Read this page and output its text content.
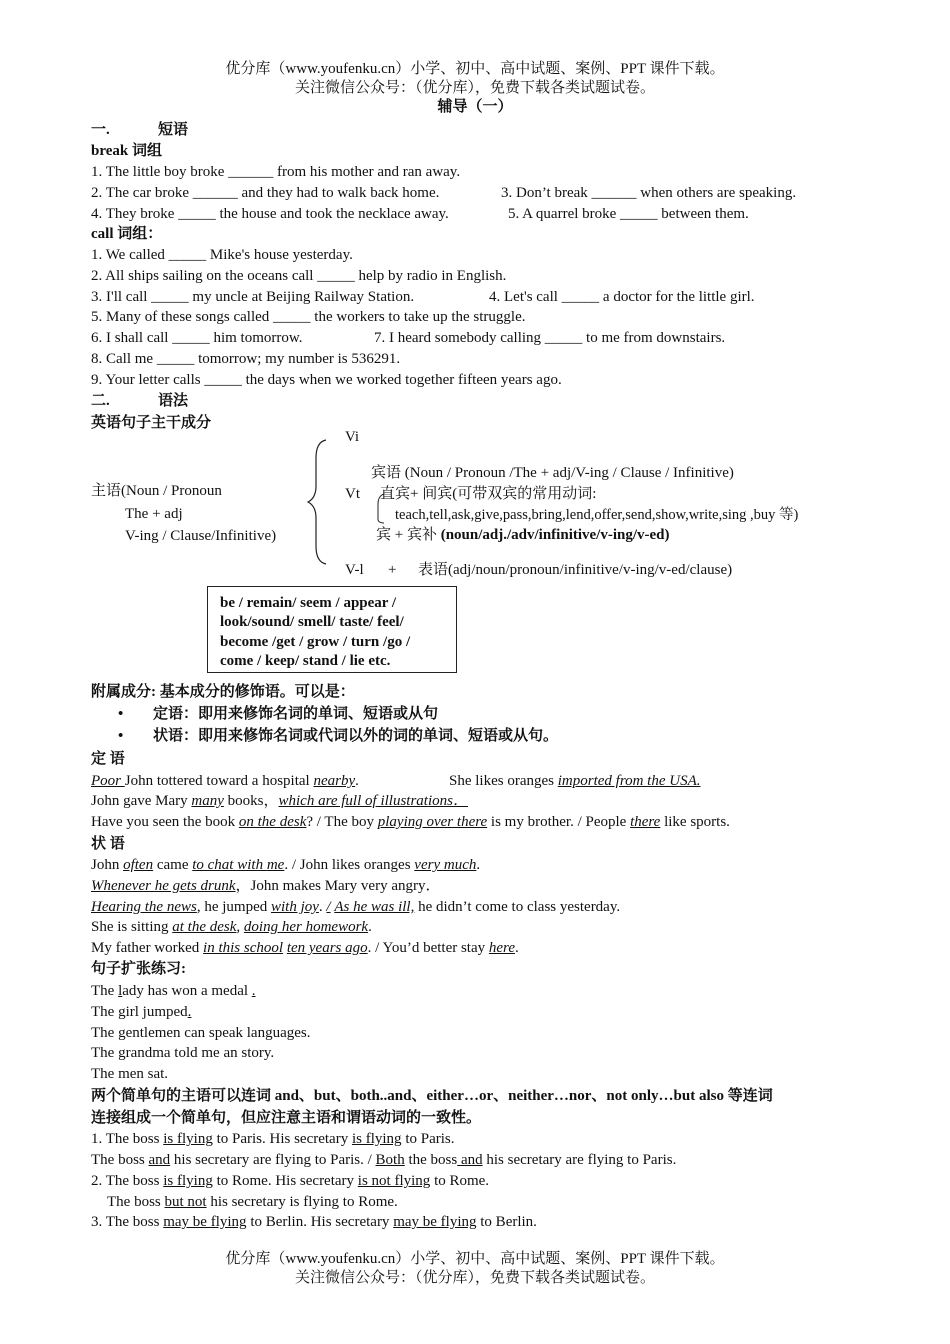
优分库（www.youfenku.cn）小学、初中、高中试题、案例、PPT 课件下载。
关注微信公众号：（优分库），免费下载各类试题试卷。
辅导（一）
一.	短语
break 词组
1. The little boy broke ______ from his mother and ran away.
2. The car broke ______ and they had to walk back home.	3. Don’t break ______ when others are speaking.
4. They broke _____ the house and took the necklace away.	5. A quarrel broke _____ between them.
call 词组：
1. We called _____ Mike's house yesterday.
2. All ships sailing on the oceans call _____ help by radio in English.
3. I'll call _____ my uncle at Beijing Railway Station.	4. Let's call _____ a doctor for the little girl.
5. Many of these songs called _____ the workers to take up the struggle.
6. I shall call _____ him tomorrow.	7. I heard somebody calling _____ to me from downstairs.
8. Call me _____ tomorrow; my number is 536291.
9. Your letter calls _____ the days when we worked together fifteen years ago.
二.	语法
英语句子主干成分
Vi
主语(Noun / Pronoun
The + adj
V-ing / Clause/Infinitive)
宾语 (Noun / Pronoun /The + adj/V-ing / Clause / Infinitive)
Vt 直宾+ 间宾(可带双宾的常用动词:
teach,tell,ask,give,pass,bring,lend,offer,send,show,write,sing ,buy 等)
宾 + 宾补 (noun/adj./adv/infinitive/v-ing/v-ed)
V-l + 表语(adj/noun/pronoun/infinitive/v-ing/v-ed/clause)
be / remain/ seem / appear /
look/sound/ smell/ taste/ feel/
become /get / grow / turn /go /
come / keep/ stand / lie etc.
附属成分: 基本成分的修饰语。可以是：
• 定语：即用来修饰名词的单词、短语或从句
• 状语：即用来修饰名词或代词以外的词的单词、短语或从句。
定 语
Poor John tottered toward a hospital nearby.	She likes oranges imported from the USA.
John gave Mary many books，which are full of illustrations．
Have you seen the book on the desk? / The boy playing over there is my brother. / People there like sports.
状 语
John often came to chat with me. / John likes oranges very much.
Whenever he gets drunk，John makes Mary very angry．
Hearing the news, he jumped with joy. / As he was ill, he didn’t come to class yesterday.
She is sitting at the desk, doing her homework.
My father worked in this school ten years ago. / You’d better stay here.
句子扩张练习:
The lady has won a medal .
The girl jumped.
The gentlemen can speak languages.
The grandma told me an story.
The men sat.
两个简单句的主语可以连词 and、but、both..and、either…or、neither…nor、not only…but also 等连词
连接组成一个简单句，但应注意主语和谓语动词的一致性。
1. The boss is flying to Paris. His secretary is flying to Paris.
The boss and his secretary are flying to Paris. / Both the boss and his secretary are flying to Paris.
2. The boss is flying to Rome. His secretary is not flying to Rome.
The boss but not his secretary is flying to Rome.
3. The boss may be flying to Berlin. His secretary may be flying to Berlin.
优分库（www.youfenku.cn）小学、初中、高中试题、案例、PPT 课件下载。
关注微信公众号：（优分库），免费下载各类试题试卷。
